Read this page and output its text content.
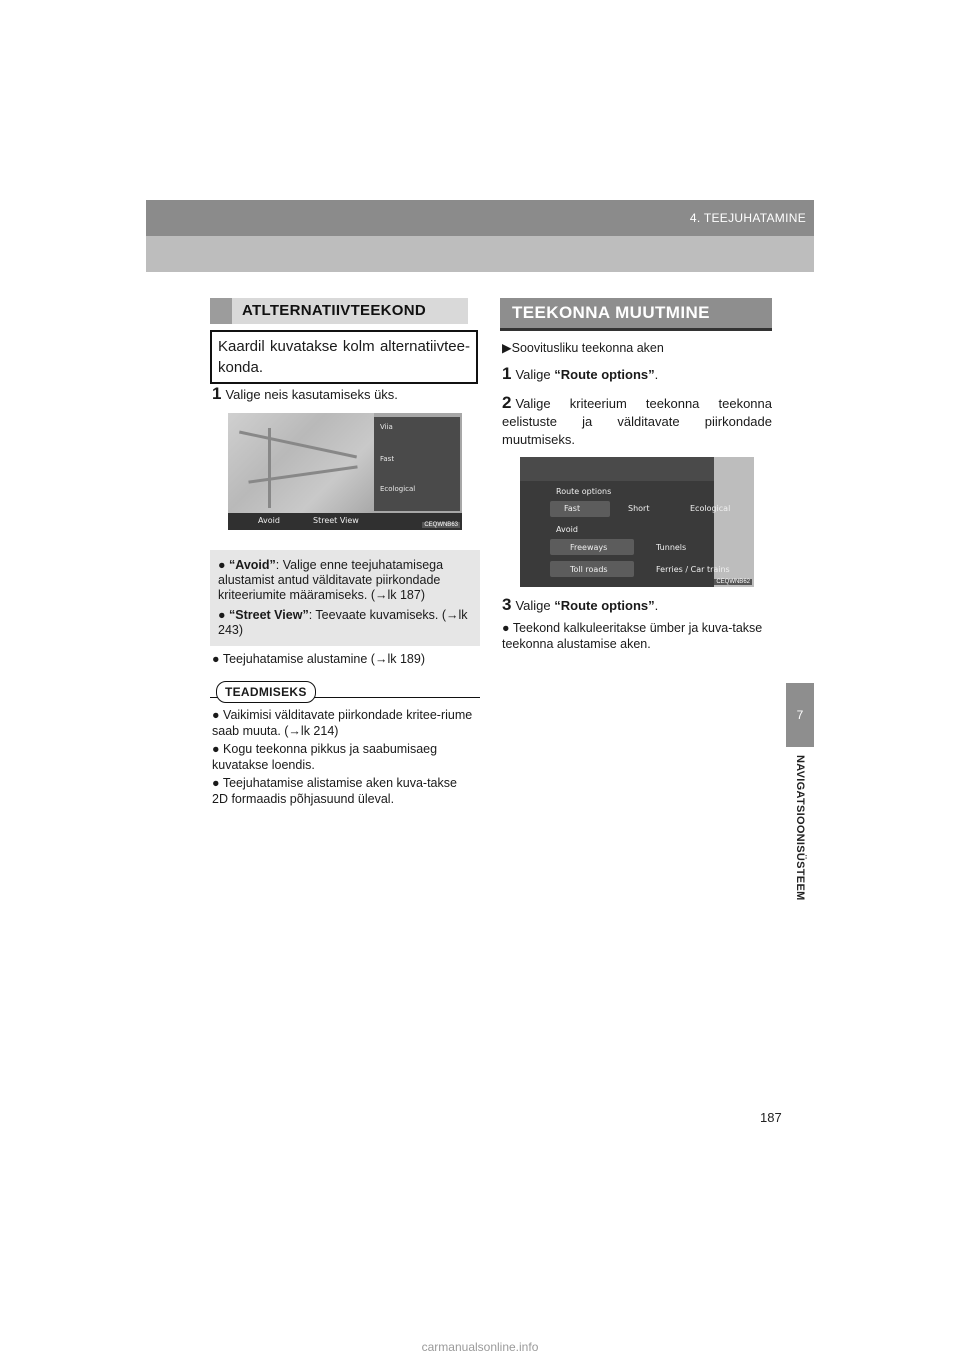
4. TEEJUHATAMINE
7
NAVIGATSIOONISÜSTEEM
ATLTERNATIIVTEEKOND
Kaardil kuvatakse kolm alternatiivtee-konda.
1 Valige neis kasutamiseks üks.
Viia
Fast
Ecological
Avoid	Street View	CEQWNB63
● “Avoid”: Valige enne teejuhatamisega alustamist antud välditavate piirkondade kriteeriumite määramiseks. (→lk 187)
● “Street View”: Teevaate kuvamiseks. (→lk 243)
● Teejuhatamise alustamine (→lk 189)
TEADMISEKS
● Vaikimisi välditavate piirkondade kritee-riume saab muuta. (→lk 214)
● Kogu teekonna pikkus ja saabumisaeg kuvatakse loendis.
● Teejuhatamise alistamise aken kuva-takse 2D formaadis põhjasuund üleval.
TEEKONNA MUUTMINE
▶Soovitusliku teekonna aken
1 Valige “Route options”.
2 Valige kriteerium teekonna teekonna eelistuste ja välditavate piirkondade muutmiseks.
Route options
Fast	Short	Ecological
Avoid
Freeways	Tunnels
Toll roads	Ferries / Car trains
CEQWNB62
3 Valige “Route options”.
● Teekond kalkuleeritakse ümber ja kuva-takse teekonna alustamise aken.
187
carmanualsonline.info
